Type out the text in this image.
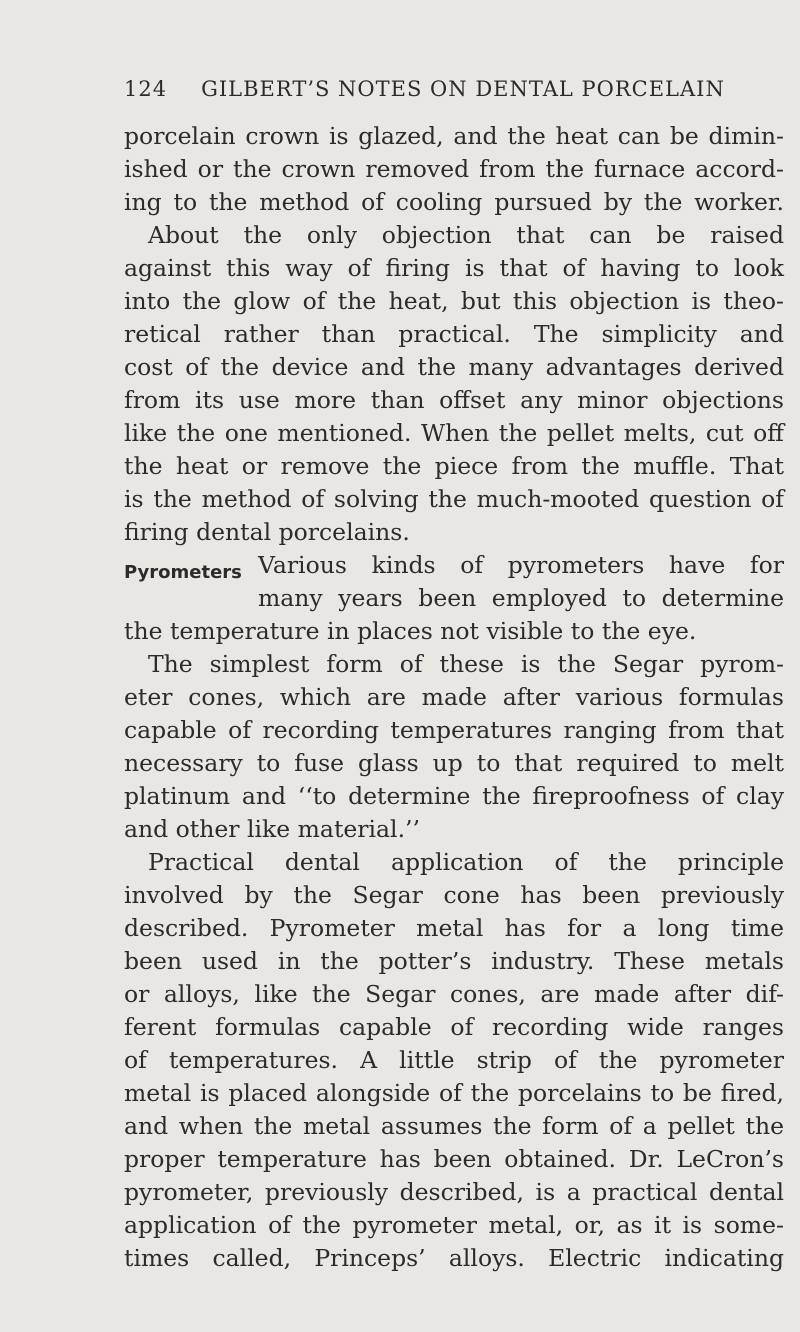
124 GILBERT’S NOTES ON DENTAL PORCELAIN
porcelain crown is glazed, and the heat can be dimin-
ished or the crown removed from the furnace accord-
ing to the method of cooling pursued by the worker.
About the only objection that can be raised
against this way of firing is that of having to look
into the glow of the heat, but this objection is theo-
retical rather than practical. The simplicity and
cost of the device and the many advantages derived
from its use more than offset any minor objections
like the one mentioned. When the pellet melts, cut off
the heat or remove the piece from the muffle. That
is the method of solving the much-mooted question of
firing dental porcelains.
Pyrometers Various kinds of pyrometers have for
many years been employed to determine
the temperature in places not visible to the eye.
The simplest form of these is the Segar pyrom-
eter cones, which are made after various formulas
capable of recording temperatures ranging from that
necessary to fuse glass up to that required to melt
platinum and ‘‘to determine the fireproofness of clay
and other like material.’’
Practical dental application of the principle
involved by the Segar cone has been previously
described. Pyrometer metal has for a long time
been used in the potter’s industry. These metals
or alloys, like the Segar cones, are made after dif-
ferent formulas capable of recording wide ranges
of temperatures. A little strip of the pyrometer
metal is placed alongside of the porcelains to be fired,
and when the metal assumes the form of a pellet the
proper temperature has been obtained. Dr. LeCron’s
pyrometer, previously described, is a practical dental
application of the pyrometer metal, or, as it is some-
times called, Princeps’ alloys. Electric indicating
